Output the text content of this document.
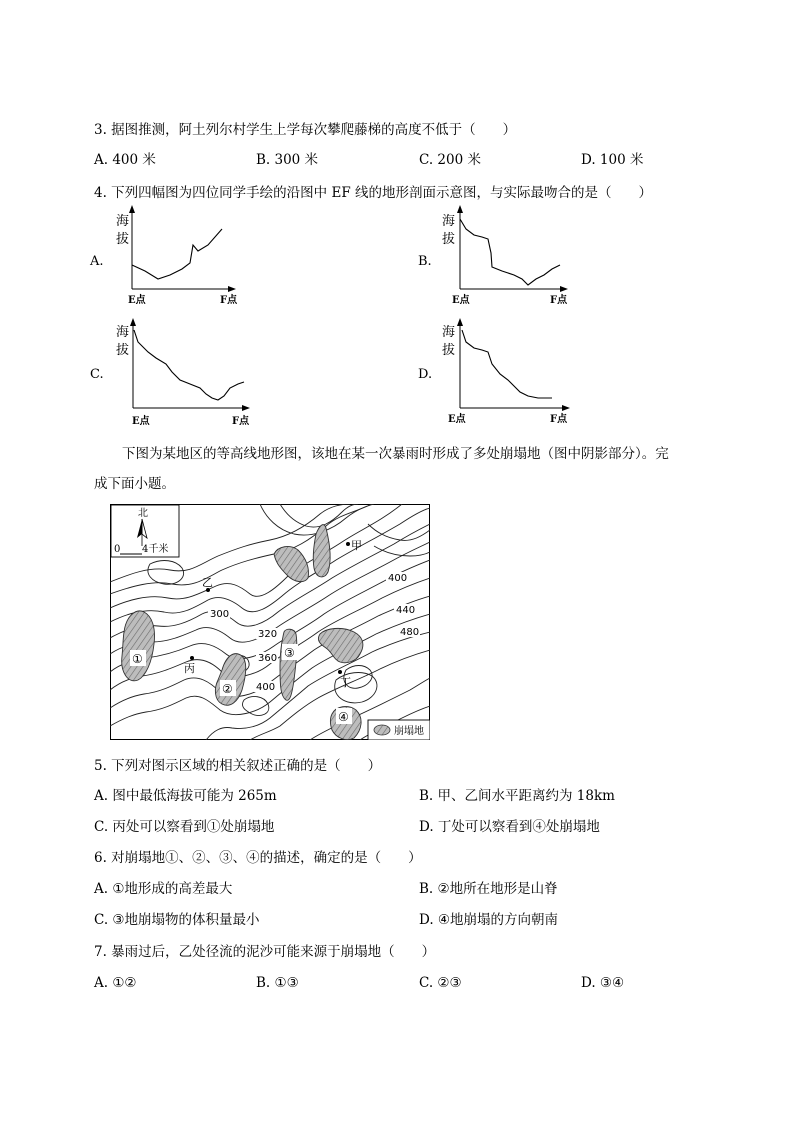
3. 据图推测，阿土列尔村学生上学每次攀爬藤梯的高度不低于（　　）
A. 400 米	B. 300 米	C. 200 米	D. 100 米
4. 下列四幅图为四位同学手绘的沿图中 EF 线的地形剖面示意图，与实际最吻合的是（　　）
A.
海
拔
E点	F点
B.
海
拔
E点	F点
C.
海
拔
E点	F点
D.
海
拔
E点	F点
下图为某地区的等高线地形图，该地在某一次暴雨时形成了多处崩塌地（图中阴影部分）。完
成下面小题。
北
0 4千米	甲
乙
丙
丁
400
440
480
300
320
360
400
①
②
③
④
崩塌地
5. 下列对图示区域的相关叙述正确的是（　　）
A. 图中最低海拔可能为 265m	B. 甲、乙间水平距离约为 18km
C. 丙处可以察看到①处崩塌地	D. 丁处可以察看到④处崩塌地
6. 对崩塌地①、②、③、④的描述，确定的是（　　）
A. ①地形成的高差最大	B. ②地所在地形是山脊
C. ③地崩塌物的体积量最小	D. ④地崩塌的方向朝南
7. 暴雨过后，乙处径流的泥沙可能来源于崩塌地（　　）
A. ①②	B. ①③	C. ②③	D. ③④
